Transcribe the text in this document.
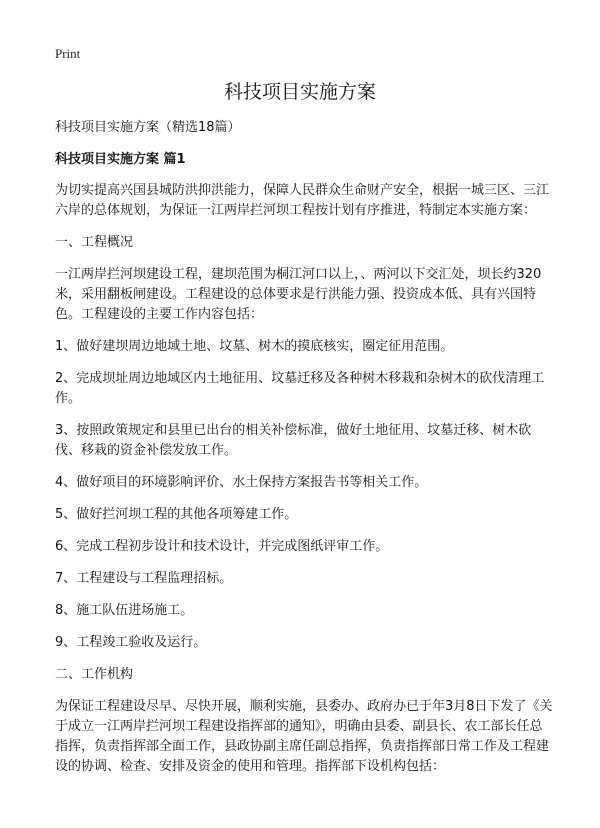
Print
科技项目实施方案
科技项目实施方案（精选18篇）
科技项目实施方案 篇1

为切实提高兴国县城防洪抑洪能力，保障人民群众生命财产安全，根据一城三区、三江六岸的总体规划，为保证一江两岸拦河坝工程按计划有序推进，特制定本实施方案：

一、工程概况

一江两岸拦河坝建设工程，建坝范围为桐江河口以上，、两河以下交汇处，坝长约320米，采用翻板闸建设。工程建设的总体要求是行洪能力强、投资成本低、具有兴国特色。工程建设的主要工作内容包括：

1、做好建坝周边地域土地、坟墓、树木的摸底核实，圈定征用范围。

2、完成坝址周边地域区内土地征用、坟墓迁移及各种树木移栽和杂树木的砍伐清理工作。

3、按照政策规定和县里已出台的相关补偿标准，做好土地征用、坟墓迁移、树木砍伐、移栽的资金补偿发放工作。

4、做好项目的环境影响评价、水土保持方案报告书等相关工作。

5、做好拦河坝工程的其他各项筹建工作。

6、完成工程初步设计和技术设计，并完成图纸评审工作。

7、工程建设与工程监理招标。

8、施工队伍进场施工。

9、工程竣工验收及运行。

二、工作机构

为保证工程建设尽早、尽快开展，顺利实施，县委办、政府办已于年3月8日下发了《关于成立一江两岸拦河坝工程建设指挥部的通知》，明确由县委、副县长、农工部长任总指挥，负责指挥部全面工作，县政协副主席任副总指挥，负责指挥部日常工作及工程建设的协调、检查、安排及资金的使用和管理。指挥部下设机构包括：
